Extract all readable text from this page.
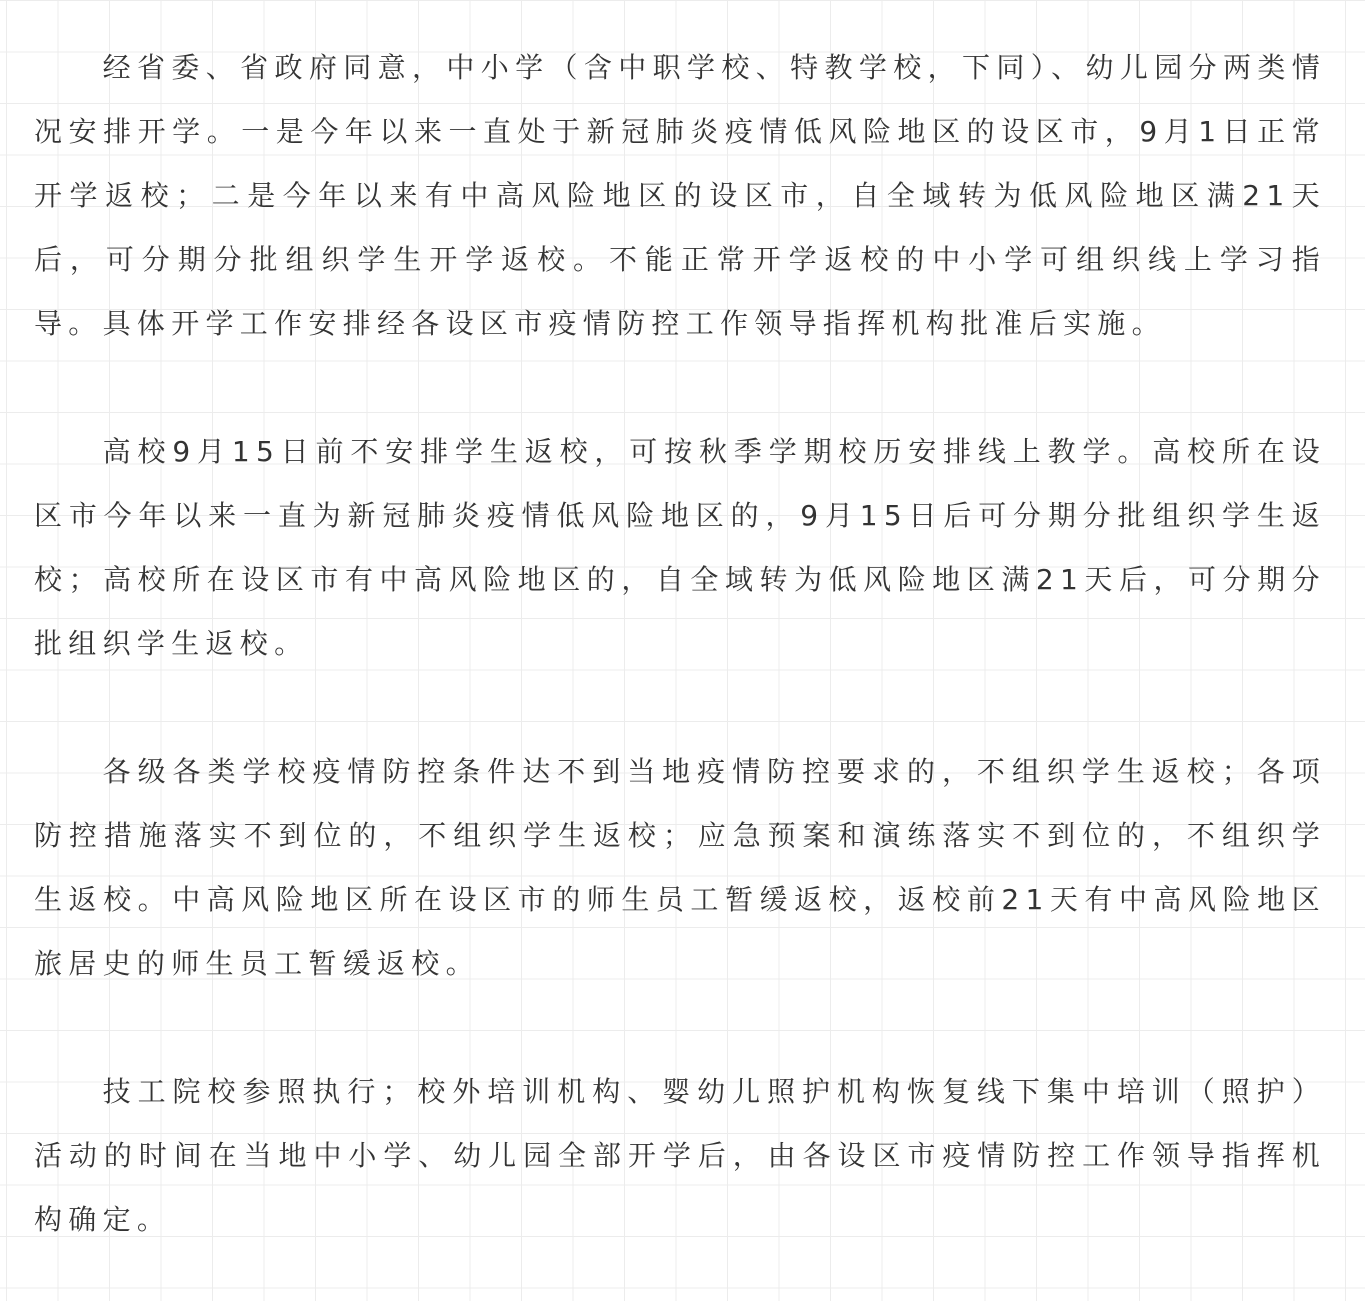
经省委、省政府同意，中小学（含中职学校、特教学校，下同）、幼儿园分两类情况安排开学。一是今年以来一直处于新冠肺炎疫情低风险地区的设区市，9月1日正常开学返校；二是今年以来有中高风险地区的设区市，自全域转为低风险地区满21天后，可分期分批组织学生开学返校。不能正常开学返校的中小学可组织线上学习指导。具体开学工作安排经各设区市疫情防控工作领导指挥机构批准后实施。

高校9月15日前不安排学生返校，可按秋季学期校历安排线上教学。高校所在设区市今年以来一直为新冠肺炎疫情低风险地区的，9月15日后可分期分批组织学生返校；高校所在设区市有中高风险地区的，自全域转为低风险地区满21天后，可分期分批组织学生返校。

各级各类学校疫情防控条件达不到当地疫情防控要求的，不组织学生返校；各项防控措施落实不到位的，不组织学生返校；应急预案和演练落实不到位的，不组织学生返校。中高风险地区所在设区市的师生员工暂缓返校，返校前21天有中高风险地区旅居史的师生员工暂缓返校。

技工院校参照执行；校外培训机构、婴幼儿照护机构恢复线下集中培训（照护）活动的时间在当地中小学、幼儿园全部开学后，由各设区市疫情防控工作领导指挥机构确定。
